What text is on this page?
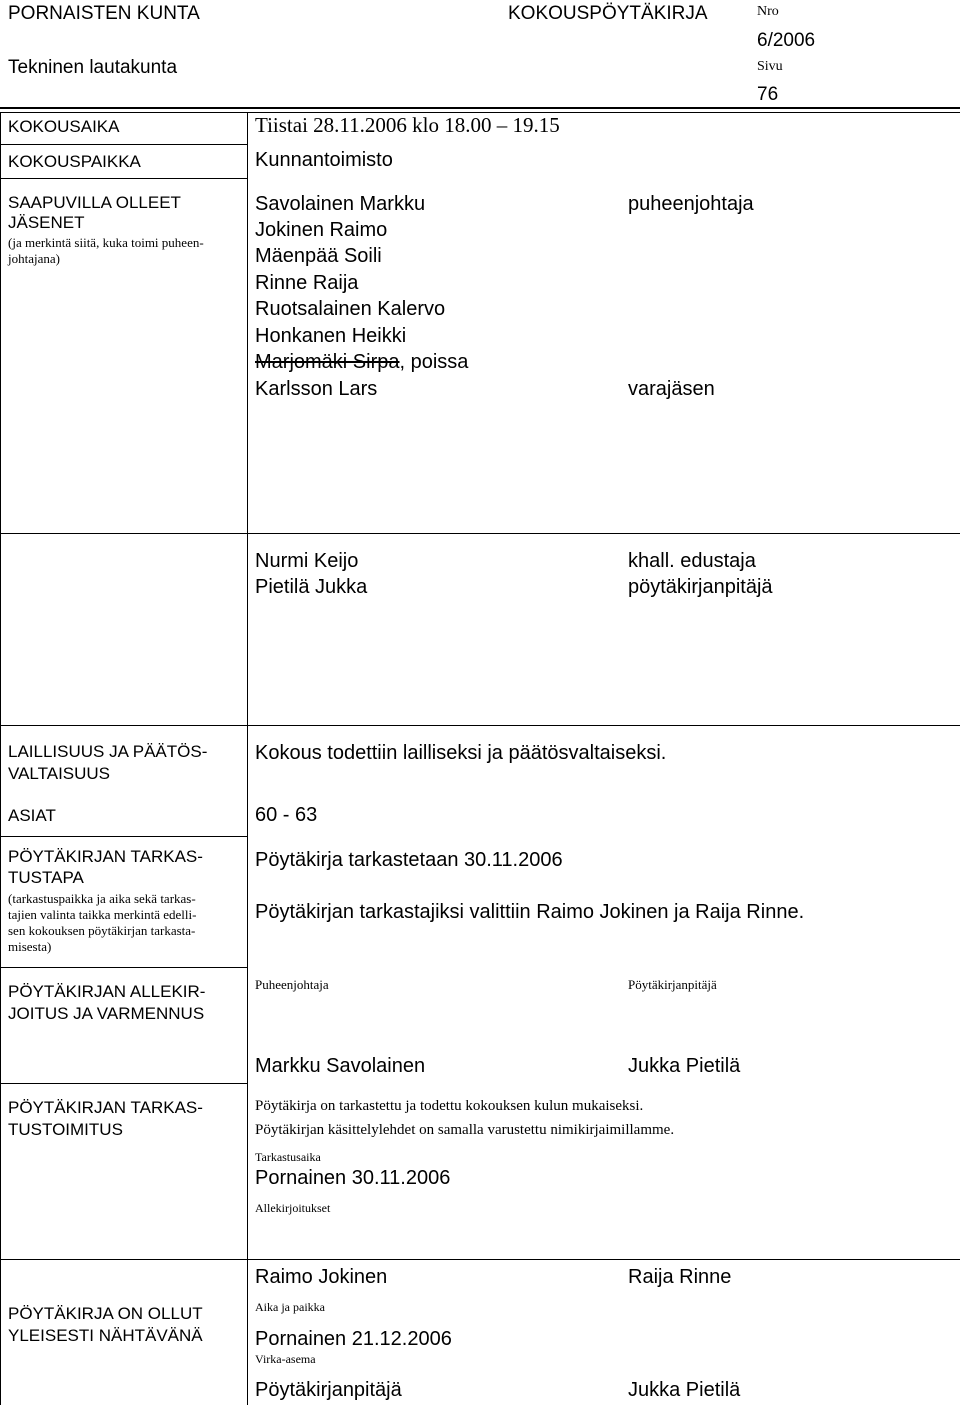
PORNAISTEN KUNTA
Tekninen lautakunta
KOKOUSPÖYTÄKIRJA	Nro
6/2006
Sivu
76
KOKOUSAIKA	Tiistai 28.11.2006 klo 18.00 – 19.15
KOKOUSPAIKKA	Kunnantoimisto
SAAPUVILLA OLLEET
JÄSENET
(ja merkintä siitä, kuka toimi puheen-
johtajana)
Savolainen Markku	puheenjohtaja
Jokinen Raimo
Mäenpää Soili
Rinne Raija
Ruotsalainen Kalervo
Honkanen Heikki
Marjomäki Sirpa, poissa
Karlsson Lars	varajäsen
Nurmi Keijo	khall. edustaja
Pietilä Jukka	pöytäkirjanpitäjä
LAILLISUUS JA PÄÄTÖS-
VALTAISUUS
Kokous todettiin lailliseksi ja päätösvaltaiseksi.
ASIAT	60 - 63
PÖYTÄKIRJAN TARKAS-
TUSTAPA
(tarkastuspaikka ja aika sekä tarkas-
tajien valinta taikka merkintä edelli-
sen kokouksen pöytäkirjan tarkasta-
misesta)
Pöytäkirja tarkastetaan 30.11.2006
Pöytäkirjan tarkastajiksi valittiin Raimo Jokinen ja Raija Rinne.
PÖYTÄKIRJAN ALLEKIR-
JOITUS JA VARMENNUS
Puheenjohtaja	Pöytäkirjanpitäjä
Markku Savolainen	Jukka Pietilä
PÖYTÄKIRJAN TARKAS-
TUSTOIMITUS
Pöytäkirja on tarkastettu ja todettu kokouksen kulun mukaiseksi.
Pöytäkirjan käsittelylehdet on samalla varustettu nimikirjaimillamme.
Tarkastusaika
Pornainen 30.11.2006
Allekirjoitukset
Raimo Jokinen	Raija Rinne
PÖYTÄKIRJA ON OLLUT
YLEISESTI NÄHTÄVÄNÄ
Aika ja paikka
Pornainen 21.12.2006
Virka-asema
Pöytäkirjanpitäjä	Jukka Pietilä
